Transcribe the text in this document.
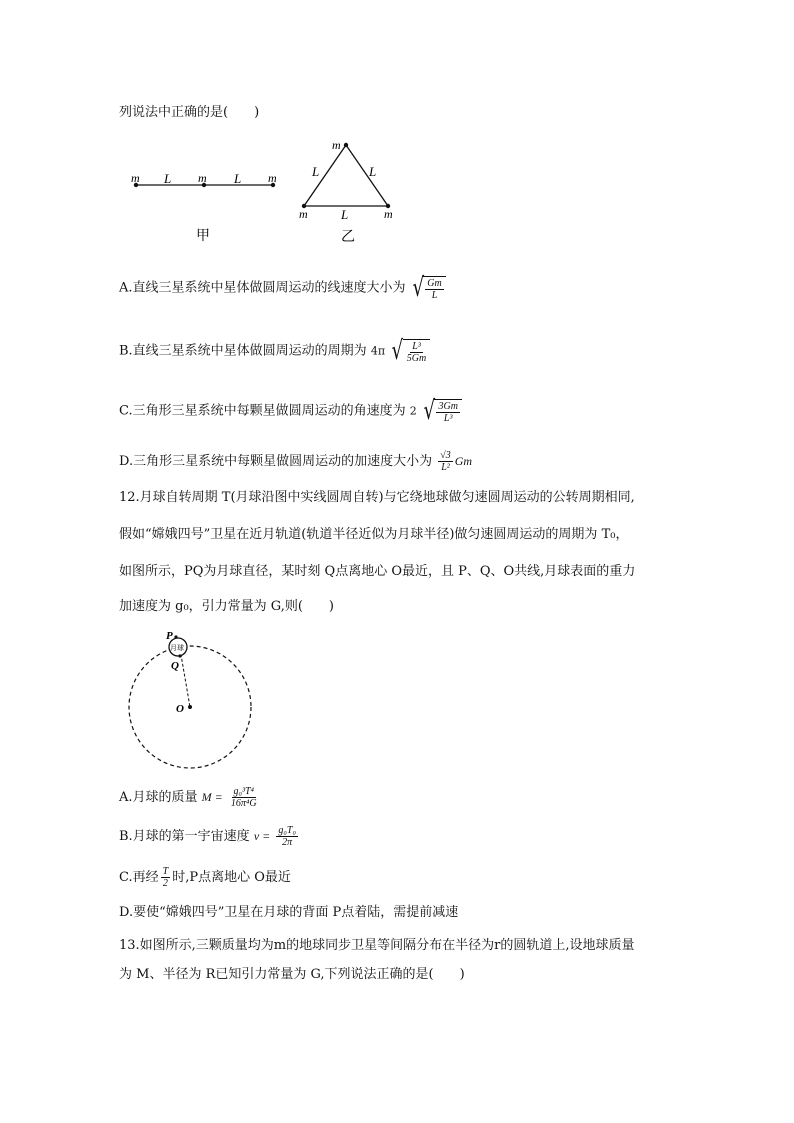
列说法中正确的是(　　)
m L m L m
甲
m
L	L
m	L	m
乙
A.直线三星系统中星体做圆周运动的线速度大小为 √ $\frac{Gm}{L}$
B.直线三星系统中星体做圆周运动的周期为 4π √ $\frac{\text{L³}}{5Gm}$
C.三角形三星系统中每颗星做圆周运动的角速度为 2 √ $\frac{3Gm}{\text{L³}}$
D.三角形三星系统中每颗星做圆周运动的加速度大小为 $\frac{√3}{\text{L²}}$ Gm
12.月球自转周期 T(月球沿图中实线圆周自转)与它绕地球做匀速圆周运动的公转周期相同,
假如“嫦娥四号”卫星在近月轨道(轨道半径近似为月球半径)做匀速圆周运动的周期为 T₀，
如图所示，PQ为月球直径，某时刻 Q点离地心 O最近，且 P、Q、O共线,月球表面的重力
加速度为 g₀，引力常量为 G,则(　　)
P
月球
Q
O
A.月球的质量 $M = \frac{\text{g₀³T⁴}}{\text{16π⁴G}}$
B.月球的第一宇宙速度 $v = \frac{\text{g₀T₀}}{2\pi}$
C.再经 $\frac{T}{2}$ 时,P点离地心 O最近
D.要使“嫦娥四号”卫星在月球的背面 P点着陆，需提前减速
13.如图所示,三颗质量均为m的地球同步卫星等间隔分布在半径为r的圆轨道上,设地球质量
为 M、半径为 R已知引力常量为 G,下列说法正确的是(　　)
